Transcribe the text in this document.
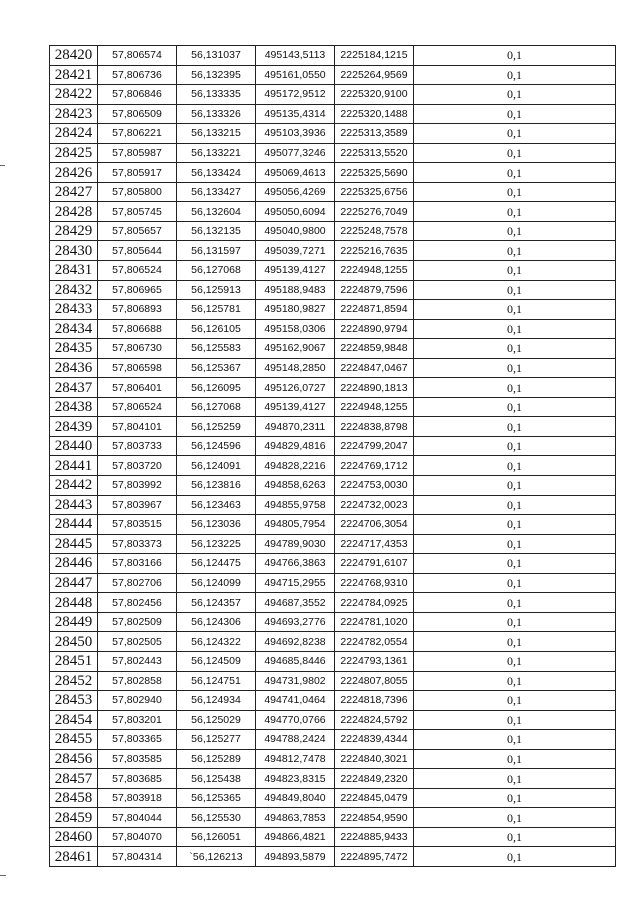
28420	57,806574	56,131037	495143,5113	2225184,1215	0,1
28421	57,806736	56,132395	495161,0550	2225264,9569	0,1
28422	57,806846	56,133335	495172,9512	2225320,9100	0,1
28423	57,806509	56,133326	495135,4314	2225320,1488	0,1
28424	57,806221	56,133215	495103,3936	2225313,3589	0,1
28425	57,805987	56,133221	495077,3246	2225313,5520	0,1
28426	57,805917	56,133424	495069,4613	2225325,5690	0,1
28427	57,805800	56,133427	495056,4269	2225325,6756	0,1
28428	57,805745	56,132604	495050,6094	2225276,7049	0,1
28429	57,805657	56,132135	495040,9800	2225248,7578	0,1
28430	57,805644	56,131597	495039,7271	2225216,7635	0,1
28431	57,806524	56,127068	495139,4127	2224948,1255	0,1
28432	57,806965	56,125913	495188,9483	2224879,7596	0,1
28433	57,806893	56,125781	495180,9827	2224871,8594	0,1
28434	57,806688	56,126105	495158,0306	2224890,9794	0,1
28435	57,806730	56,125583	495162,9067	2224859,9848	0,1
28436	57,806598	56,125367	495148,2850	2224847,0467	0,1
28437	57,806401	56,126095	495126,0727	2224890,1813	0,1
28438	57,806524	56,127068	495139,4127	2224948,1255	0,1
28439	57,804101	56,125259	494870,2311	2224838,8798	0,1
28440	57,803733	56,124596	494829,4816	2224799,2047	0,1
28441	57,803720	56,124091	494828,2216	2224769,1712	0,1
28442	57,803992	56,123816	494858,6263	2224753,0030	0,1
28443	57,803967	56,123463	494855,9758	2224732,0023	0,1
28444	57,803515	56,123036	494805,7954	2224706,3054	0,1
28445	57,803373	56,123225	494789,9030	2224717,4353	0,1
28446	57,803166	56,124475	494766,3863	2224791,6107	0,1
28447	57,802706	56,124099	494715,2955	2224768,9310	0,1
28448	57,802456	56,124357	494687,3552	2224784,0925	0,1
28449	57,802509	56,124306	494693,2776	2224781,1020	0,1
28450	57,802505	56,124322	494692,8238	2224782,0554	0,1
28451	57,802443	56,124509	494685,8446	2224793,1361	0,1
28452	57,802858	56,124751	494731,9802	2224807,8055	0,1
28453	57,802940	56,124934	494741,0464	2224818,7396	0,1
28454	57,803201	56,125029	494770,0766	2224824,5792	0,1
28455	57,803365	56,125277	494788,2424	2224839,4344	0,1
28456	57,803585	56,125289	494812,7478	2224840,3021	0,1
28457	57,803685	56,125438	494823,8315	2224849,2320	0,1
28458	57,803918	56,125365	494849,8040	2224845,0479	0,1
28459	57,804044	56,125530	494863,7853	2224854,9590	0,1
28460	57,804070	56,126051	494866,4821	2224885,9433	0,1
28461	57,804314	`56,126213	494893,5879	2224895,7472	0,1
